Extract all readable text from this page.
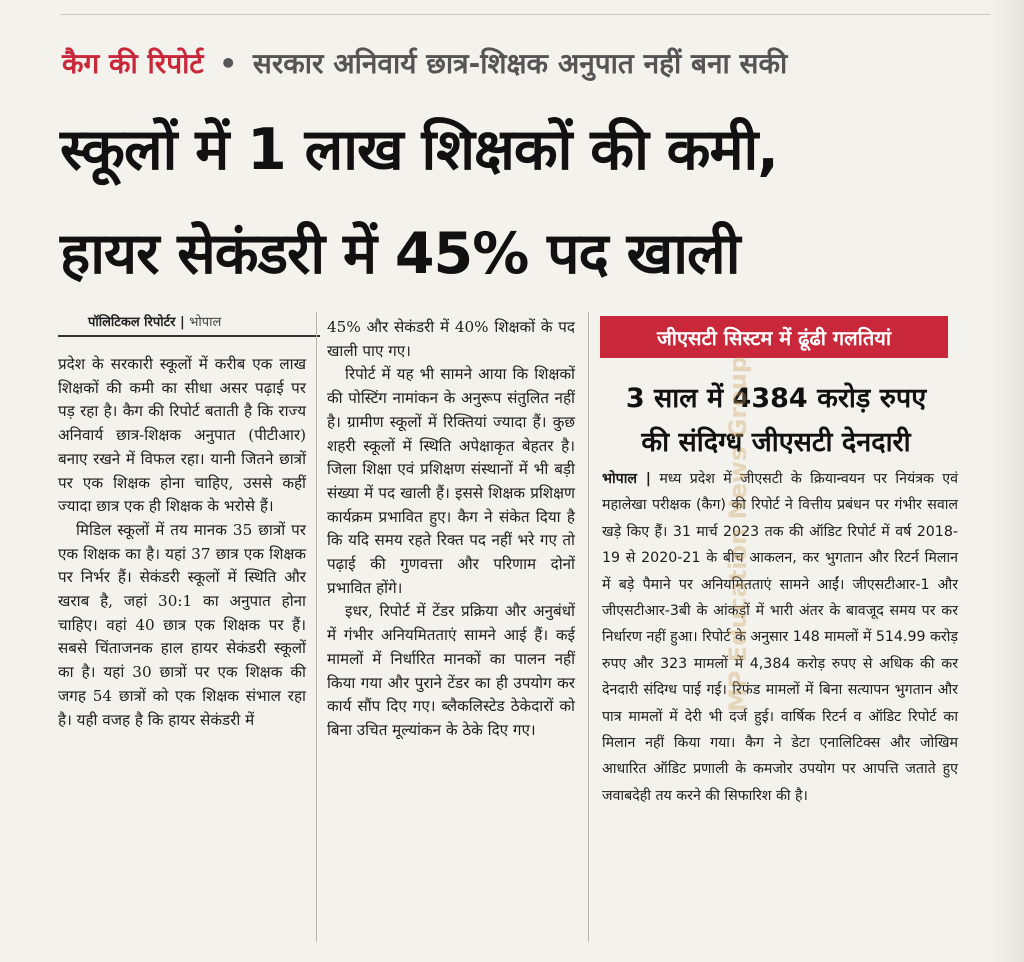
कैग की रिपोर्ट • सरकार अनिवार्य छात्र-शिक्षक अनुपात नहीं बना सकी
स्कूलों में 1 लाख शिक्षकों की कमी,
हायर सेकंडरी में 45% पद खाली
पॉलिटिकल रिपोर्टर | भोपाल

प्रदेश के सरकारी स्कूलों में करीब एक लाख शिक्षकों की कमी का सीधा असर पढ़ाई पर पड़ रहा है। कैग की रिपोर्ट बताती है कि राज्य अनिवार्य छात्र-शिक्षक अनुपात (पीटीआर) बनाए रखने में विफल रहा। यानी जितने छात्रों पर एक शिक्षक होना चाहिए, उससे कहीं ज्यादा छात्र एक ही शिक्षक के भरोसे हैं।

मिडिल स्कूलों में तय मानक 35 छात्रों पर एक शिक्षक का है। यहां 37 छात्र एक शिक्षक पर निर्भर हैं। सेकंडरी स्कूलों में स्थिति और खराब है, जहां 30:1 का अनुपात होना चाहिए। वहां 40 छात्र एक शिक्षक पर हैं। सबसे चिंताजनक हाल हायर सेकंडरी स्कूलों का है। यहां 30 छात्रों पर एक शिक्षक की जगह 54 छात्रों को एक शिक्षक संभाल रहा है। यही वजह है कि हायर सेकंडरी में

45% और सेकंडरी में 40% शिक्षकों के पद खाली पाए गए।

रिपोर्ट में यह भी सामने आया कि शिक्षकों की पोस्टिंग नामांकन के अनुरूप संतुलित नहीं है। ग्रामीण स्कूलों में रिक्तियां ज्यादा हैं। कुछ शहरी स्कूलों में स्थिति अपेक्षाकृत बेहतर है। जिला शिक्षा एवं प्रशिक्षण संस्थानों में भी बड़ी संख्या में पद खाली हैं। इससे शिक्षक प्रशिक्षण कार्यक्रम प्रभावित हुए। कैग ने संकेत दिया है कि यदि समय रहते रिक्त पद नहीं भरे गए तो पढ़ाई की गुणवत्ता और परिणाम दोनों प्रभावित होंगे।

इधर, रिपोर्ट में टेंडर प्रक्रिया और अनुबंधों में गंभीर अनियमितताएं सामने आई हैं। कई मामलों में निर्धारित मानकों का पालन नहीं किया गया और पुराने टेंडर का ही उपयोग कर कार्य सौंप दिए गए। ब्लैकलिस्टेड ठेकेदारों को बिना उचित मूल्यांकन के ठेके दिए गए।

जीएसटी सिस्टम में ढूंढी गलतियां
3 साल में 4384 करोड़ रुपए
की संदिग्ध जीएसटी देनदारी

भोपाल | मध्य प्रदेश में जीएसटी के क्रियान्वयन पर नियंत्रक एवं महालेखा परीक्षक (कैग) की रिपोर्ट ने वित्तीय प्रबंधन पर गंभीर सवाल खड़े किए हैं। 31 मार्च 2023 तक की ऑडिट रिपोर्ट में वर्ष 2018-19 से 2020-21 के बीच आकलन, कर भुगतान और रिटर्न मिलान में बड़े पैमाने पर अनियमितताएं सामने आईं। जीएसटीआर-1 और जीएसटीआर-3बी के आंकड़ों में भारी अंतर के बावजूद समय पर कर निर्धारण नहीं हुआ। रिपोर्ट के अनुसार 148 मामलों में 514.99 करोड़ रुपए और 323 मामलों में 4,384 करोड़ रुपए से अधिक की कर देनदारी संदिग्ध पाई गई। रिफंड मामलों में बिना सत्यापन भुगतान और पात्र मामलों में देरी भी दर्ज हुई। वार्षिक रिटर्न व ऑडिट रिपोर्ट का मिलान नहीं किया गया। कैग ने डेटा एनालिटिक्स और जोखिम आधारित ऑडिट प्रणाली के कमजोर उपयोग पर आपत्ति जताते हुए जवाबदेही तय करने की सिफारिश की है।

MP Education News Group
